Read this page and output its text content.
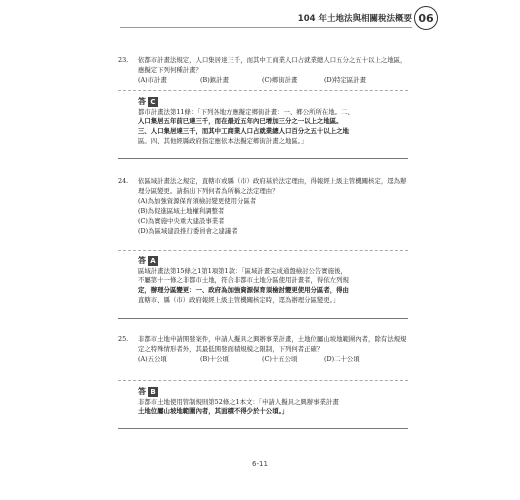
104 年土地法與相關稅法概要 06
23.	依都市計畫法規定，人口集居達三千，而其中工商業人口占就業總人口五分之五十以上之地區，應擬定下列何種計畫？
(A)市計畫	(B)鎮計畫	(C)鄉街計畫	(D)特定區計畫
答 C

都市計畫法第11條：「下列各地方應擬定鄉街計畫：一、鄉公所所在地。二、

人口集居五年前已達三千，而在最近五年內已增加三分之一以上之地區。

三、人口集居達三千，而其中工商業人口占就業總人口百分之五十以上之地

區。四、其他經縣政府指定應依本法擬定鄉街計畫之地區。」

24.	依區域計畫法之規定，直轄市或縣（市）政府基於法定理由，得報經上級主管機關核定，逕為辦理分區變更。請指出下列何者為所稱之法定理由？
(A)為加強資源保育須檢討變更使用分區者
(B)為促進區域土地權利調整者
(C)為實施中央重大建設事業者
(D)為區域建設推行委員會之建議者
答 A

區域計畫法第15條之1第1項第1款：「區域計畫完成通盤檢討公告實施後，

不屬第十一條之非都市土地，符合非都市土地分區使用計畫者，得依左列規

定，辦理分區變更：一、政府為加強資源保育須檢討變更使用分區者，得由

直轄市、縣（市）政府報經上級主管機關核定時，逕為辦理分區變更。」

25.	非都市土地申請開發案件，申請人擬具之興辦事業計畫，土地位屬山坡地範圍內者，除有法規規定之特殊情形者外，其最低開發面積規模之限制，下列何者正確？
(A)五公頃	(B)十公頃	(C)十五公頃	(D)二十公頃
答 B

非都市土地使用管制規則第52條之1本文：「申請人擬具之興辦事業計畫

土地位屬山坡地範圍內者，其面積不得少於十公頃。」

6-11
